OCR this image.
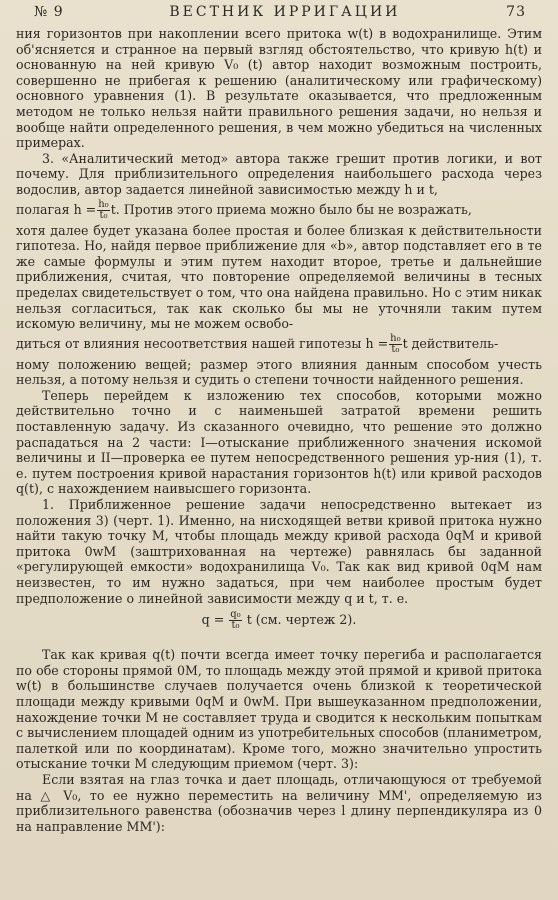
№ 9	ВЕСТНИК ИРРИГАЦИИ	73

ния горизонтов при накоплении всего притока w(t) в водохранилище. Этим об'ясняется и странное на первый взгляд обстоятельство, что кривую h(t) и основанную на ней кривую V₀ (t) автор находит возможным построить, совершенно не прибегая к решению (аналитическому или графическому) основного уравнения (1). В результате оказывается, что предложенным методом не только нельзя найти правильного решения задачи, но нельзя и вообще найти определенного решения, в чем можно убедиться на численных примерах.

3. «Аналитический метод» автора также грешит против логики, и вот почему. Для приблизительного определения наибольшего расхода через водослив, автор задается линейной зависимостью между h и t,

полагая
$h = \frac{\text{h₀}}{\text{t₀}} t$.
Против этого приема можно было бы не возражать,

хотя далее будет указана более простая и более близкая к действительности гипотеза. Но, найдя первое приближение для «b», автор подставляет его в те же самые формулы и этим путем находит второе, третье и дальнейшие приближения, считая, что повторение определяемой величины в тесных пределах свидетельствует о том, что она найдена правильно. Но с этим никак нельзя согласиться, так как сколько бы мы не уточняли таким путем искомую величину, мы не можем освобо-

диться от влияния несоответствия нашей гипотезы
$h = \frac{\text{h₀}}{\text{t₀}}$ t действитель-

ному положению вещей; размер этого влияния данным способом учесть нельзя, а потому нельзя и судить о степени точности найденного решения.

Теперь перейдем к изложению тех способов, которыми можно действительно точно и с наименьшей затратой времени решить поставленную задачу. Из сказанного очевидно, что решение это должно распадаться на 2 части: I—отыскание приближенного значения искомой величины и II—проверка ее путем непосредственного решения ур-ния (1), т. е. путем построения кривой нарастания горизонтов h(t) или кривой расходов q(t), с нахождением наивысшего горизонта.

1. Приближенное решение задачи непосредственно вытекает из положения 3) (черт. 1). Именно, на нисходящей ветви кривой притока нужно найти такую точку M, чтобы площадь между кривой расхода 0qM и кривой притока 0wM (заштрихованная на чертеже) равнялась бы заданной «регулирующей емкости» водохранилища V₀. Так как вид кривой 0qM нам неизвестен, то им нужно задаться, при чем наиболее простым будет предположение о линейной зависимости между q и t, т. е.

$q = \frac{\text{q₀}}{\text{t₀}}$ t (см. чертеж 2).

Так как кривая q(t) почти всегда имеет точку перегиба и располагается по обе стороны прямой 0M, то площадь между этой прямой и кривой притока w(t) в большинстве случаев получается очень близкой к теоретической площади между кривыми 0qM и 0wM. При вышеуказанном предположении, нахождение точки M не составляет труда и сводится к нескольким попыткам с вычислением площадей одним из употребительных способов (планиметром, палеткой или по координатам). Кроме того, можно значительно упростить отыскание точки M следующим приемом (черт. 3):

Если взятая на глаз точка и дает площадь, отличающуюся от требуемой на △ V₀, то ее нужно переместить на величину MM', определяемую из приблизительного равенства (обозначив через l длину перпендикуляра из 0 на направление MM'):
